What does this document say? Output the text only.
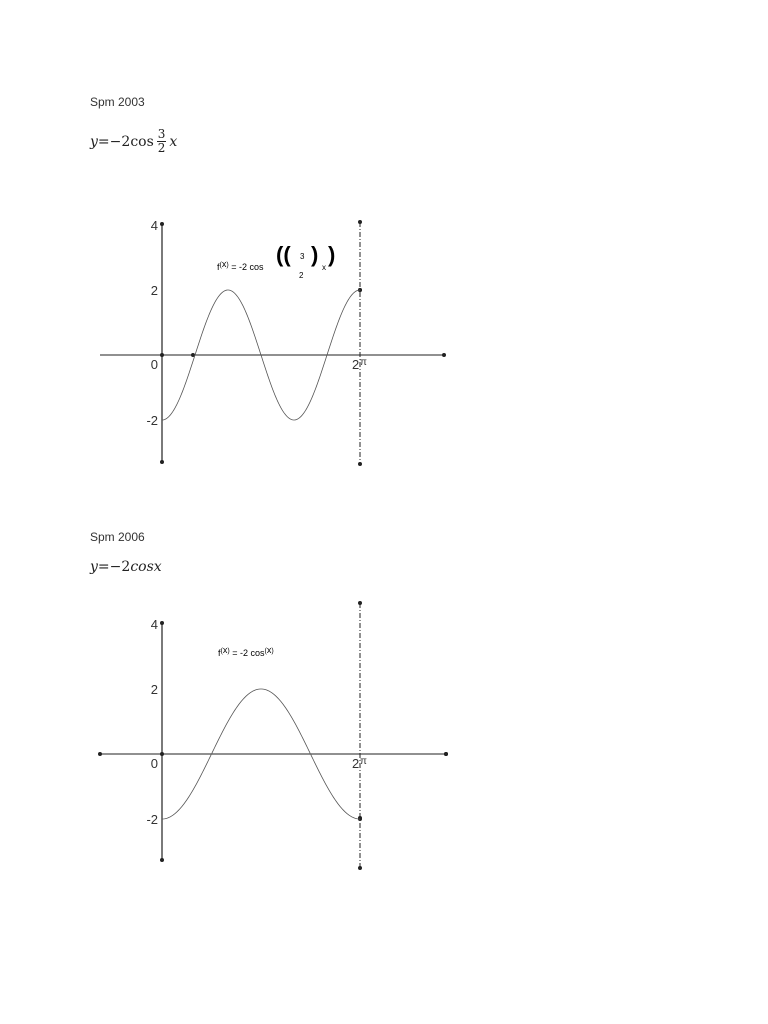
Spm 2003
y =− 2 $\cos \frac{3}{2}$ x
f(x) = -2 cos (( 3
2
)
x
)
4
2
0
-2
2 π
Spm 2006
y =− 2 cosx
f(x) = -2 cos(x)
4
2
0
-2
2 π
